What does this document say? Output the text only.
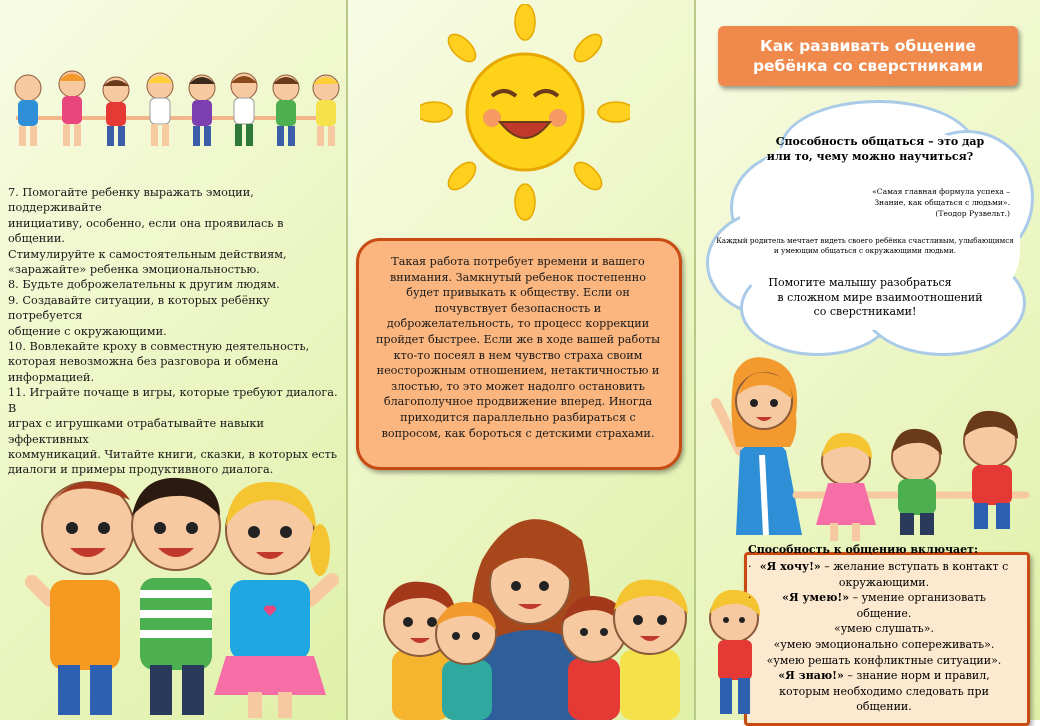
7. Помогайте ребенку выражать эмоции, поддерживайте
инициативу, особенно, если она проявилась в общении.
Стимулируйте к самостоятельным действиям,
«заражайте» ребенка эмоциональностью.
8. Будьте доброжелательны к другим людям.
9. Создавайте ситуации, в которых ребёнку потребуется
общение с окружающими.
10. Вовлекайте кроху в совместную деятельность,
которая невозможна без разговора и обмена
информацией.
11. Играйте почаще в игры, которые требуют диалога. В
играх с игрушками отрабатывайте навыки эффективных
коммуникаций. Читайте книги, сказки, в которых есть
диалоги и примеры продуктивного диалога.
Такая работа потребует времени и вашего
внимания. Замкнутый ребенок постепенно
будет привыкать к обществу. Если он
почувствует безопасность и
доброжелательность, то процесс коррекции
пройдет быстрее. Если же в ходе вашей работы
кто-то посеял в нем чувство страха своим
неосторожным отношением, нетактичностью и
злостью, то это может надолго остановить
благополучное продвижение вперед. Иногда
приходится параллельно разбираться с
вопросом, как бороться с детскими страхами.
Как развивать общение
ребёнка со сверстниками
Способность общаться – это дар
или то, чему можно научиться?
«Самая главная формула успеха –
Знание, как общаться с людьми».
(Теодор Рузвельт.)
Каждый родитель мечтает видеть своего ребёнка счастливым, улыбающимся
и умеющим общаться с окружающими людьми.
Помогите малышу разобраться
в сложном мире взаимоотношений
со сверстниками!
Способность к общению включает:
· «Я хочу!» – желание вступать в контакт с
окружающими.
·	«Я умею!» – умение организовать
общение.
«умею слушать».
«умею эмоционально сопереживать».
«умею решать конфликтные ситуации».
«Я знаю!» – знание норм и правил,
которым необходимо следовать при
общении.
